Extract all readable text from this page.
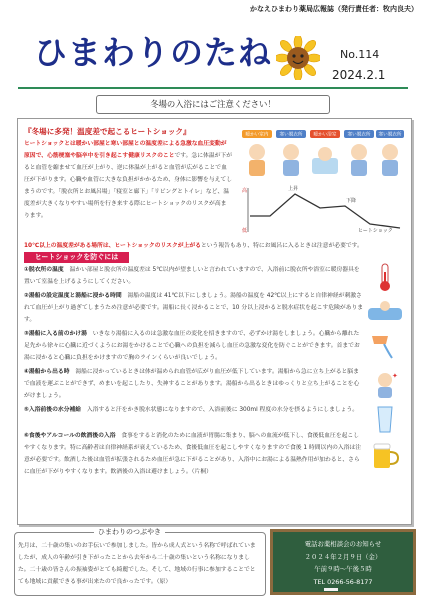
かなえひまわり薬局広報誌（発行責任者：牧内良夫）
ひまわりのたね	No.114
2024.2.1
冬場の入浴にはご注意ください！
『冬場に多発！温度差で起こるヒートショック』

ヒートショックとは暖かい部屋と寒い部屋との温度差による急激な血圧変動が原因で、心筋梗塞や脳卒中を引き起こす健康リスクのことです。急に体温が下がると血管を縮ませて血圧が上がり、逆に体温が上がると血管が広がることで血圧が下がります。心臓や血管に大きな負担がかかるため、身体に影響を与えてしまうのです。「脱衣所とお風呂場」「寝室と廊下」「リビングとトイレ」など、温度差が大きくなりやすい場所を行き来する際にヒートショックのリスクが高まります。

暖かい室内 寒い脱衣所 暖かい浴室 寒い脱衣所 寒い脱衣所
高
低
上昇
下降
ヒートショック
10℃以上の温度差がある場所は、ヒートショックのリスクが上がるという報告もあり、特にお風呂に入るときは注意が必要です。
ヒートショックを防ぐには

①脱衣所の温度　 温かい部屋と脱衣所の温度差は 5℃以内が望ましいと言われていますので、入浴前に脱衣所や浴室に暖房器具を置いて室温を上げるようにしてください。

②湯船の設定温度と湯船に浸かる時間　 湯船の温度は 41℃以下にしましょう。湯船の温度を 42℃以上にすると自律神経が刺激されて血圧が上がり過ぎてしまうため注意が必要です。湯船に長く浸かることで、10 分以上浸かると脱水症状を起こす危険があります。

③湯船に入る前のかけ湯　 いきなり湯船に入るのは急激な血圧の変化を招きますので、必ずかけ湯をしましょう。心臓から離れた足先から徐々に心臓に近づくようにお湯をかけることで心臓への負担を減らし血圧の急激な変化を防ぐことができます。首までお湯に浸かると心臓に負担をかけますので胸のラインくらいが良いでしょう。

④湯船から出る時　 湯船に浸かっているときは体が温められ血管が広がり血圧が低下しています。湯船から急に立ち上がると脳まで血液を運ぶことができず、めまいを起こしたり、失神することがあります。湯船から出るときはゆっくりと立ち上がることを心がけましょう。

⑤入浴前後の水分補給　 入浴すると汗をかき脱水状態になりますので、入浴前後に 300ml 程度の水分を摂るようにしましょう。

⑥食後やアルコールの飲酒後の入浴　 食事をすると消化のために血液が胃腸に集まり、脳への血流が低下し、食後低血圧を起こしやすくなります。特に高齢者は自律神経系が衰えているため、食後低血圧を起こしやすくなりますので食後 1 時間以内の入浴は注意が必要です。飲酒した後は血管が拡張されるため血圧が急に下がることがあり、入浴中にお湯による温熱作用が加わると、さらに血圧が下がりやすくなります。飲酒後の入浴は避けましょう。（片桐）

✦
ひまわりのつぶやき

先月は、二十歳の集いのお手伝いで参加しました。皆から成人式という名称で呼ばれていましたが、成人の年齢が引き下がったことから去年から二十歳の集いという名称になりました。二十歳の皆さんの振袖姿がとても綺麗でした。そして、地域の行事に参加することでとても地域に貢献できる事が出来たので良かったです。（原）

電話お薬相談会のお知らせ
２０２４年２月９日（金）
午前９時～午後５時
TEL 0266-56-8177
